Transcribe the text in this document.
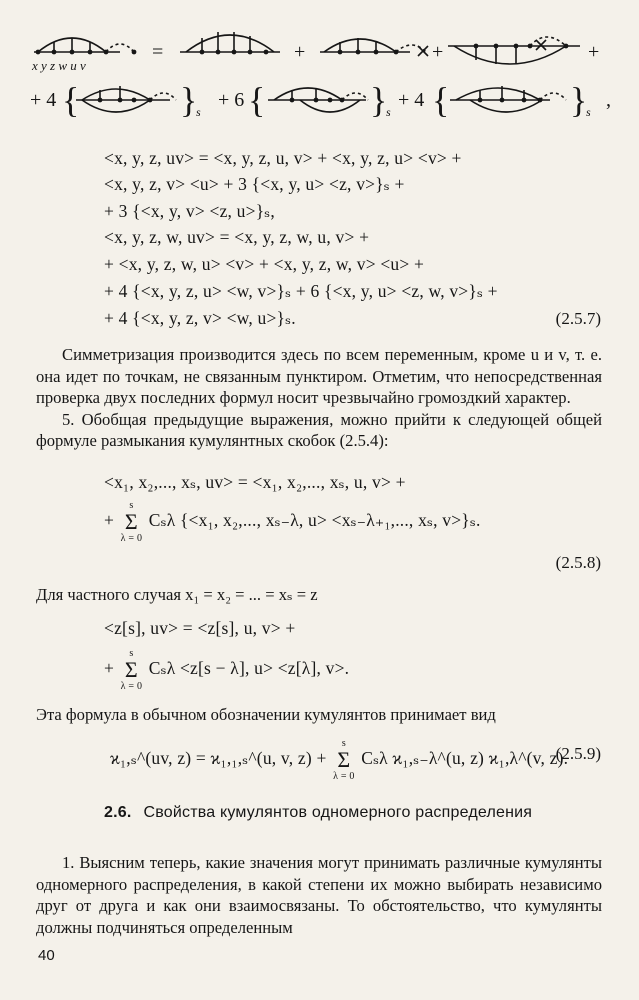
x y z w u v
=	+	+	+
+ 4	+ 6	+ 4	,
{	} {	} {	}
s	s	s
<x, y, z, uv> = <x, y, z, u, v> + <x, y, z, u> <v> +
<x, y, z, v> <u> + 3 {<x, y, u> <z, v>}ₛ +
+ 3 {<x, y, v> <z, u>}ₛ,
<x, y, z, w, uv> = <x, y, z, w, u, v> +
+ <x, y, z, w, u> <v> + <x, y, z, w, v> <u> +
+ 4 {<x, y, z, u> <w, v>}ₛ + 6 {<x, y, u> <z, w, v>}ₛ +
+ 4 {<x, y, z, v> <w, u>}ₛ.	(2.5.7)

Симметризация производится здесь по всем переменным, кроме u и v, т. е. она идет по точкам, не связанным пунктиром. Отметим, что непосредственная проверка двух последних формул носит чрезвычайно громоздкий характер.

5. Обобщая предыдущие выражения, можно прийти к следующей общей формуле размыкания кумулянтных скобок (2.5.4):

<x₁, x₂,..., xₛ, uv> = <x₁, x₂,..., xₛ, u, v> +
+ s
Σ
λ = 0 Cₛλ {<x₁, x₂,..., xₛ₋λ, u> <xₛ₋λ₊₁,..., xₛ, v>}ₛ.
(2.5.8)
Для частного случая x₁ = x₂ = ... = xₛ = z
<z[s], uv> = <z[s], u, v> +
+ s
Σ
λ = 0 Cₛλ <z[s − λ], u> <z[λ], v>.
Эта формула в обычном обозначении кумулянтов принимает вид
ϰ₁,ₛ^(uv, z) = ϰ₁,₁,ₛ^(u, v, z) + s
Σ
λ = 0 Cₛλ ϰ₁,ₛ₋λ^(u, z) ϰ₁,λ^(v, z).
(2.5.9)
2.6. Свойства кумулянтов одномерного распределения

1. Выясним теперь, какие значения могут принимать различные кумулянты одномерного распределения, в какой степени их можно выбирать независимо друг от друга и как они взаимосвязаны. То обстоятельство, что кумулянты должны подчиняться определенным

40
